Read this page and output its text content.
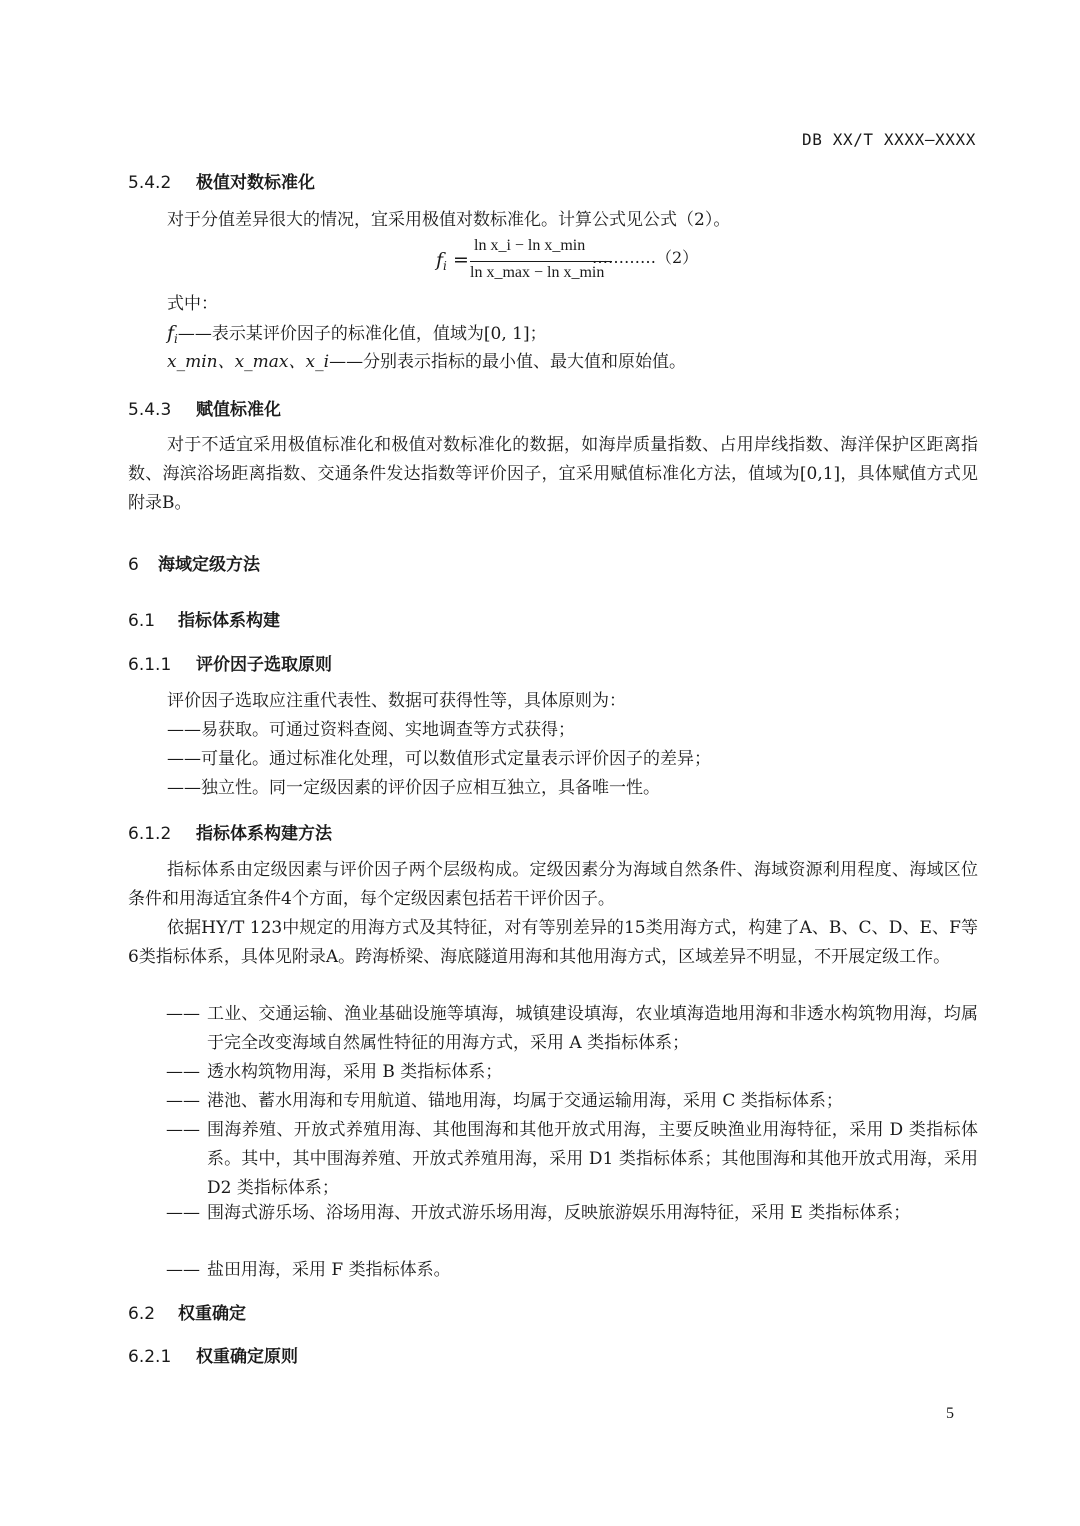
DB XX/T XXXX—XXXX
5.4.2 极值对数标准化
对于分值差异很大的情况，宜采用极值对数标准化。计算公式见公式（2）。
$f_i$ =
ln x_i − ln x_min
ln x_max − ln x_min
…………（2）
式中：
$f_i——$表示某评价因子的标准化值，值域为[0, 1]；
x_min、x_max、x_i——分别表示指标的最小值、最大值和原始值。
5.4.3 赋值标准化

对于不适宜采用极值标准化和极值对数标准化的数据，如海岸质量指数、占用岸线指数、海洋保护区距离指数、海滨浴场距离指数、交通条件发达指数等评价因子，宜采用赋值标准化方法，值域为[0,1]，具体赋值方式见附录B。

6 海域定级方法
6.1 指标体系构建
6.1.1 评价因子选取原则
评价因子选取应注重代表性、数据可获得性等，具体原则为：
——易获取。可通过资料查阅、实地调查等方式获得；
——可量化。通过标准化处理，可以数值形式定量表示评价因子的差异；
——独立性。同一定级因素的评价因子应相互独立，具备唯一性。
6.1.2 指标体系构建方法

指标体系由定级因素与评价因子两个层级构成。定级因素分为海域自然条件、海域资源利用程度、海域区位条件和用海适宜条件4个方面，每个定级因素包括若干评价因子。

依据HY/T 123中规定的用海方式及其特征，对有等别差异的15类用海方式，构建了A、B、C、D、E、F等6类指标体系，具体见附录A。跨海桥梁、海底隧道用海和其他用海方式，区域差异不明显，不开展定级工作。

—— 工业、交通运输、渔业基础设施等填海，城镇建设填海，农业填海造地用海和非透水构筑物用海，均属于完全改变海域自然属性特征的用海方式，采用 A 类指标体系；
—— 透水构筑物用海，采用 B 类指标体系；
—— 港池、蓄水用海和专用航道、锚地用海，均属于交通运输用海，采用 C 类指标体系；
—— 围海养殖、开放式养殖用海、其他围海和其他开放式用海，主要反映渔业用海特征，采用 D 类指标体系。其中，其中围海养殖、开放式养殖用海，采用 D1 类指标体系；其他围海和其他开放式用海，采用 D2 类指标体系；
—— 围海式游乐场、浴场用海、开放式游乐场用海，反映旅游娱乐用海特征，采用 E 类指标体系；
—— 盐田用海，采用 F 类指标体系。
6.2 权重确定
6.2.1 权重确定原则
5
